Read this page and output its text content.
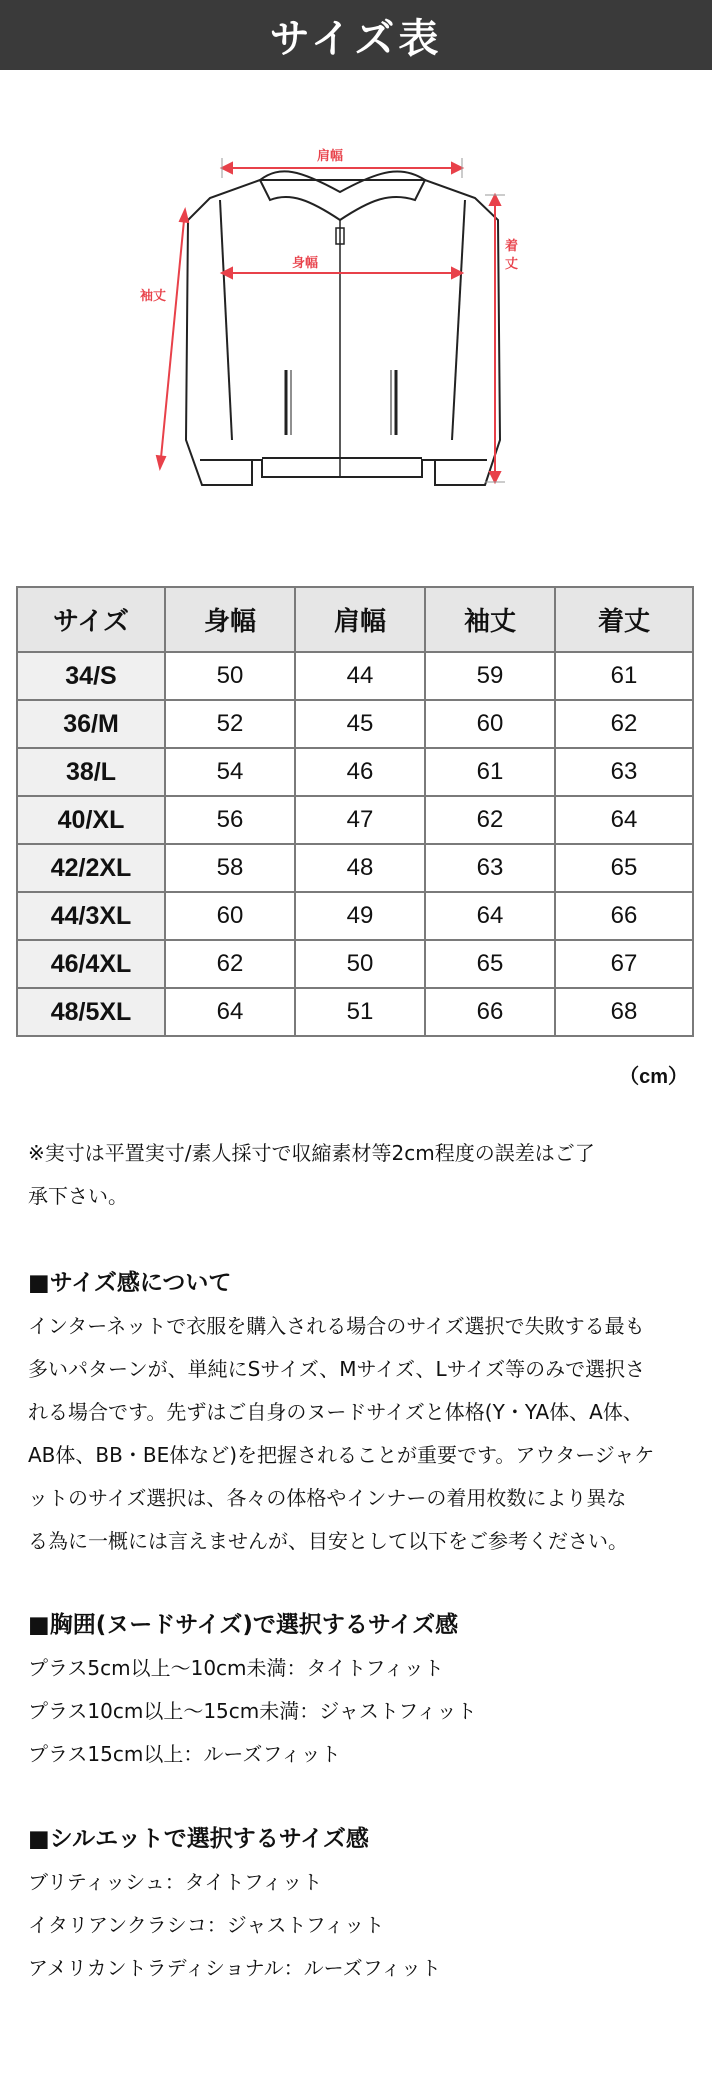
サイズ表
肩幅
身幅
袖丈
着
丈
サイズ	身幅	肩幅	袖丈	着丈
34/S	50	44	59	61
36/M	52	45	60	62
38/L	54	46	61	63
40/XL	56	47	62	64
42/2XL	58	48	63	65
44/3XL	60	49	64	66
46/4XL	62	50	65	67
48/5XL	64	51	66	68
（cm）
※実寸は平置実寸/素人採寸で収縮素材等2cm程度の誤差はご了
承下さい。
■サイズ感について
インターネットで衣服を購入される場合のサイズ選択で失敗する最も
多いパターンが、単純にSサイズ、Mサイズ、Lサイズ等のみで選択さ
れる場合です。先ずはご自身のヌードサイズと体格(Y・YA体、A体、
AB体、BB・BE体など)を把握されることが重要です。アウタージャケ
ットのサイズ選択は、各々の体格やインナーの着用枚数により異な
る為に一概には言えませんが、目安として以下をご参考ください。
■胸囲(ヌードサイズ)で選択するサイズ感
プラス5cm以上～10cm未満：タイトフィット
プラス10cm以上～15cm未満：ジャストフィット
プラス15cm以上：ルーズフィット
■シルエットで選択するサイズ感
ブリティッシュ：タイトフィット
イタリアンクラシコ：ジャストフィット
アメリカントラディショナル：ルーズフィット
